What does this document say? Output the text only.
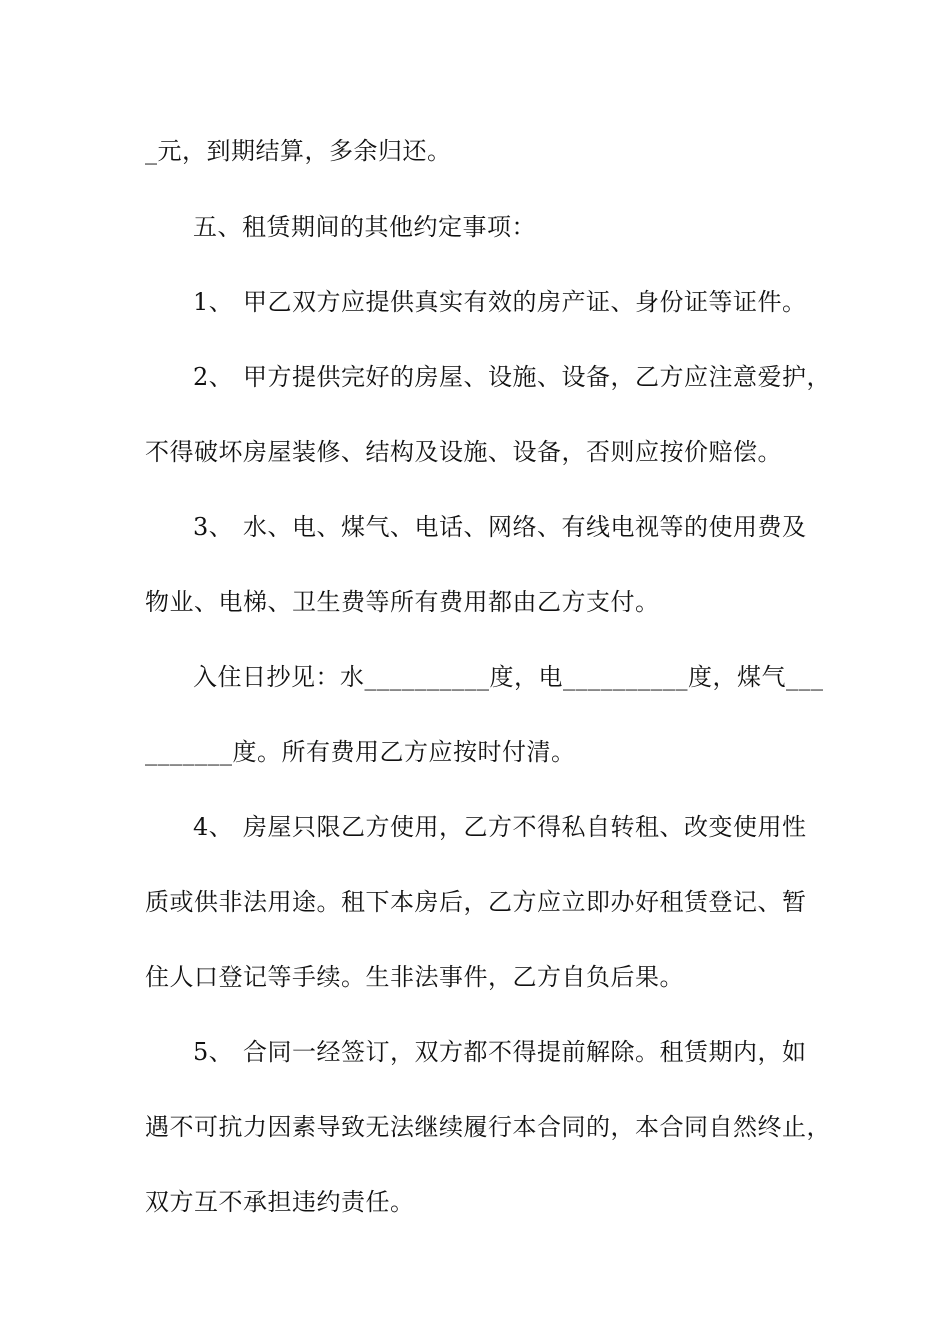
_元，到期结算，多余归还。
五、租赁期间的其他约定事项：
1、 甲乙双方应提供真实有效的房产证、身份证等证件。
2、 甲方提供完好的房屋、设施、设备，乙方应注意爱护，
不得破坏房屋装修、结构及设施、设备，否则应按价赔偿。
3、 水、电、煤气、电话、网络、有线电视等的使用费及
物业、电梯、卫生费等所有费用都由乙方支付。
入住日抄见：水__________度，电__________度，煤气___
_______度。所有费用乙方应按时付清。
4、 房屋只限乙方使用，乙方不得私自转租、改变使用性
质或供非法用途。租下本房后，乙方应立即办好租赁登记、暂
住人口登记等手续。生非法事件，乙方自负后果。
5、 合同一经签订，双方都不得提前解除。租赁期内，如
遇不可抗力因素导致无法继续履行本合同的，本合同自然终止，
双方互不承担违约责任。
